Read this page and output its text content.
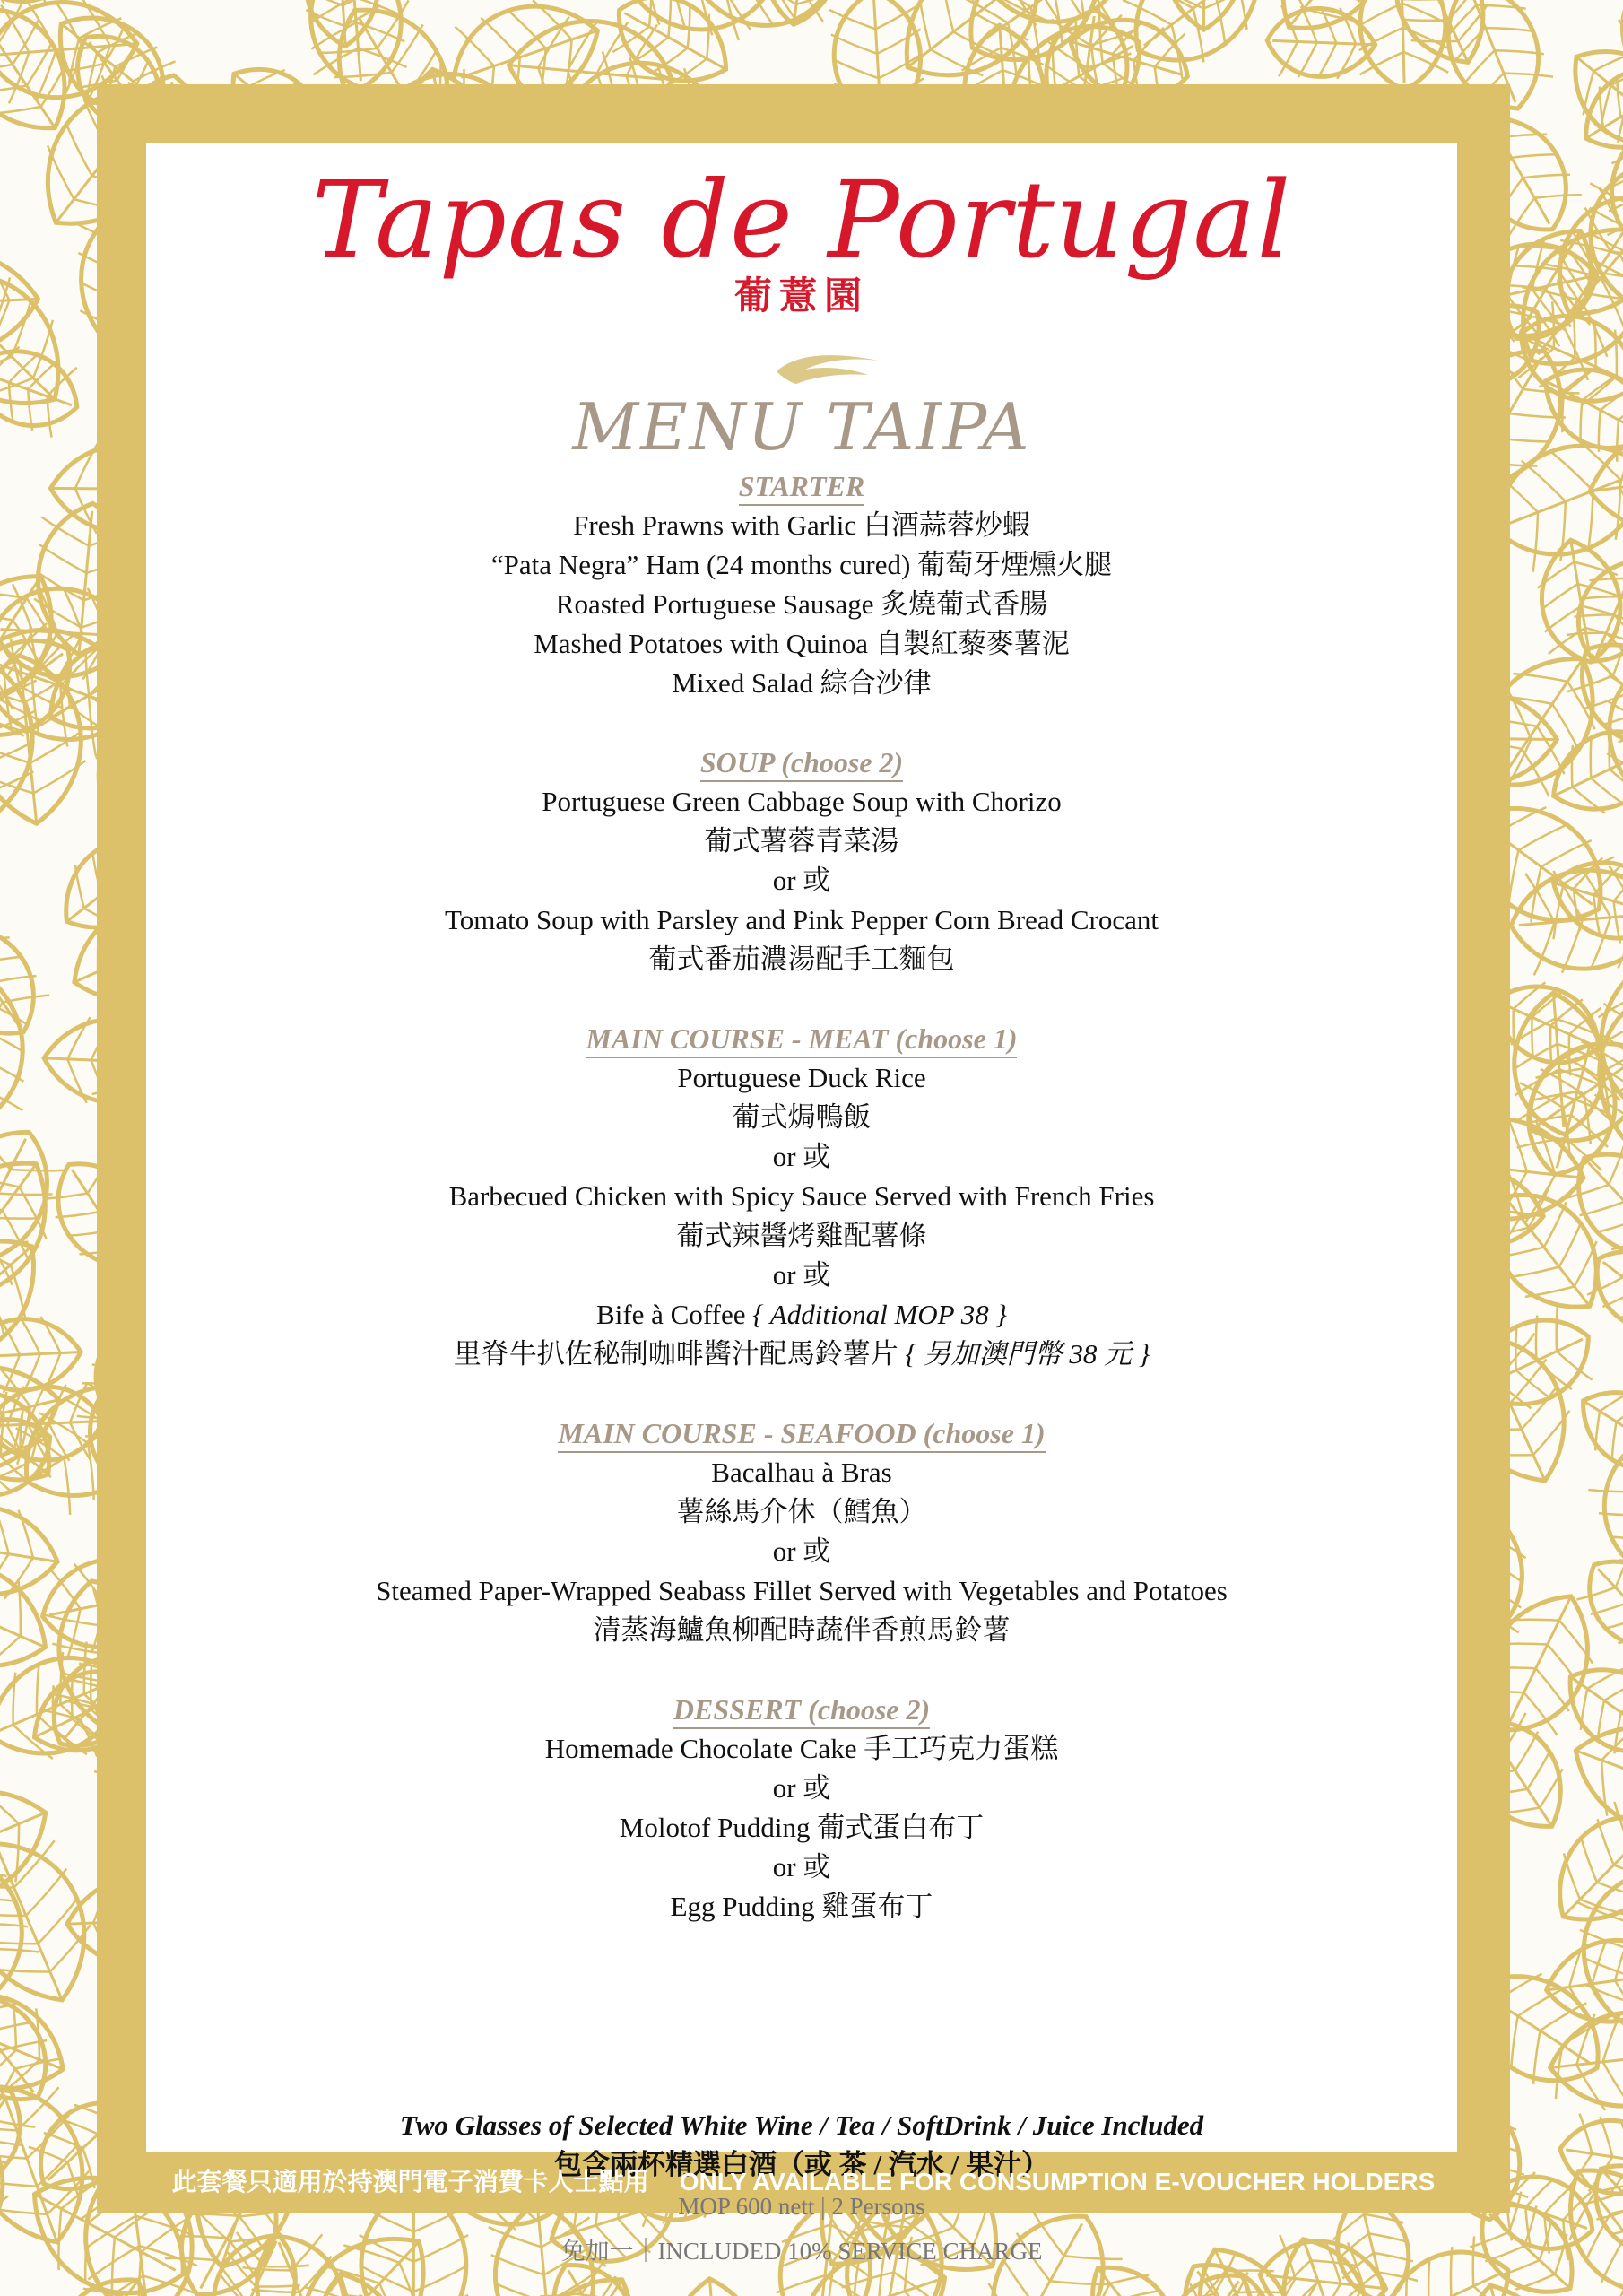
Tapas de Portugal
葡薏園
MENU TAIPA
STARTER

Fresh Prawns with Garlic 白酒蒜蓉炒蝦

“Pata Negra” Ham (24 months cured) 葡萄牙煙燻火腿

Roasted Portuguese Sausage 炙燒葡式香腸

Mashed Potatoes with Quinoa 自製紅藜麥薯泥

Mixed Salad 綜合沙律

SOUP (choose 2)

Portuguese Green Cabbage Soup with Chorizo

葡式薯蓉青菜湯

or 或

Tomato Soup with Parsley and Pink Pepper Corn Bread Crocant

葡式番茄濃湯配手工麵包

MAIN COURSE - MEAT (choose 1)

Portuguese Duck Rice

葡式焗鴨飯

or 或

Barbecued Chicken with Spicy Sauce Served with French Fries

葡式辣醬烤雞配薯條

or 或

Bife à Coffee { Additional MOP 38 }

里脊牛扒佐秘制咖啡醬汁配馬鈴薯片 { 另加澳門幣 38 元 }

MAIN COURSE - SEAFOOD (choose 1)

Bacalhau à Bras

薯絲馬介休（鱈魚）

or 或

Steamed Paper-Wrapped Seabass Fillet Served with Vegetables and Potatoes

清蒸海鱸魚柳配時蔬伴香煎馬鈴薯

DESSERT (choose 2)

Homemade Chocolate Cake 手工巧克力蛋糕

or 或

Molotof Pudding 葡式蛋白布丁

or 或

Egg Pudding 雞蛋布丁

Two Glasses of Selected White Wine / Tea / SoftDrink / Juice Included

包含兩杯精選白酒（或 茶 / 汽水 / 果汁）

MOP 600 nett | 2 Persons

免加一｜INCLUDED 10% SERVICE CHARGE

此套餐只適用於持澳門電子消費卡人士點用 ONLY AVAILABLE FOR CONSUMPTION E-VOUCHER HOLDERS
